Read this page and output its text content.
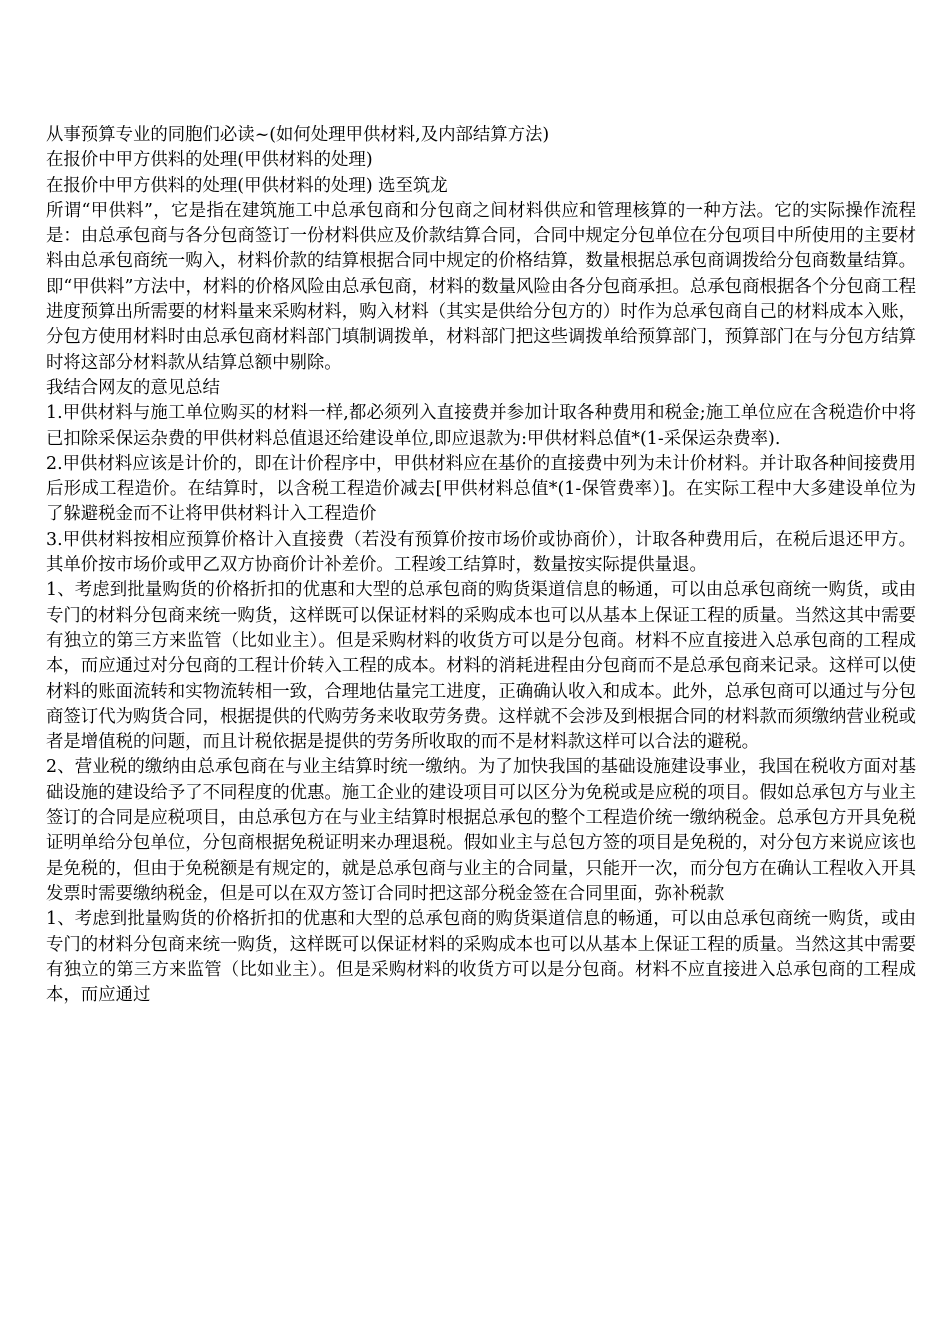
从事预算专业的同胞们必读~(如何处理甲供材料,及内部结算方法)

在报价中甲方供料的处理(甲供材料的处理)

在报价中甲方供料的处理(甲供材料的处理) 选至筑龙

所谓“甲供料”，它是指在建筑施工中总承包商和分包商之间材料供应和管理核算的一种方法。它的实际操作流程是：由总承包商与各分包商签订一份材料供应及价款结算合同，合同中规定分包单位在分包项目中所使用的主要材料由总承包商统一购入，材料价款的结算根据合同中规定的价格结算，数量根据总承包商调拨给分包商数量结算。即“甲供料”方法中，材料的价格风险由总承包商，材料的数量风险由各分包商承担。总承包商根据各个分包商工程进度预算出所需要的材料量来采购材料，购入材料（其实是供给分包方的）时作为总承包商自己的材料成本入账，分包方使用材料时由总承包商材料部门填制调拨单，材料部门把这些调拨单给预算部门，预算部门在与分包方结算时将这部分材料款从结算总额中剔除。

我结合网友的意见总结

1.甲供材料与施工单位购买的材料一样,都必须列入直接费并参加计取各种费用和税金;施工单位应在含税造价中将已扣除采保运杂费的甲供材料总值退还给建设单位,即应退款为:甲供材料总值*(1-采保运杂费率).

2.甲供材料应该是计价的，即在计价程序中，甲供材料应在基价的直接费中列为未计价材料。并计取各种间接费用后形成工程造价。在结算时，以含税工程造价减去[甲供材料总值*(1-保管费率）]。在实际工程中大多建设单位为了躲避税金而不让将甲供材料计入工程造价

3.甲供材料按相应预算价格计入直接费（若没有预算价按市场价或协商价），计取各种费用后，在税后退还甲方。其单价按市场价或甲乙双方协商价计补差价。工程竣工结算时，数量按实际提供量退。

1、考虑到批量购货的价格折扣的优惠和大型的总承包商的购货渠道信息的畅通，可以由总承包商统一购货，或由专门的材料分包商来统一购货，这样既可以保证材料的采购成本也可以从基本上保证工程的质量。当然这其中需要有独立的第三方来监管（比如业主）。但是采购材料的收货方可以是分包商。材料不应直接进入总承包商的工程成本，而应通过对分包商的工程计价转入工程的成本。材料的消耗进程由分包商而不是总承包商来记录。这样可以使材料的账面流转和实物流转相一致，合理地估量完工进度，正确确认收入和成本。此外，总承包商可以通过与分包商签订代为购货合同，根据提供的代购劳务来收取劳务费。这样就不会涉及到根据合同的材料款而须缴纳营业税或者是增值税的问题，而且计税依据是提供的劳务所收取的而不是材料款这样可以合法的避税。

2、营业税的缴纳由总承包商在与业主结算时统一缴纳。为了加快我国的基础设施建设事业，我国在税收方面对基础设施的建设给予了不同程度的优惠。施工企业的建设项目可以区分为免税或是应税的项目。假如总承包方与业主签订的合同是应税项目，由总承包方在与业主结算时根据总承包的整个工程造价统一缴纳税金。总承包方开具免税证明单给分包单位，分包商根据免税证明来办理退税。假如业主与总包方签的项目是免税的，对分包方来说应该也是免税的，但由于免税额是有规定的，就是总承包商与业主的合同量，只能开一次，而分包方在确认工程收入开具发票时需要缴纳税金，但是可以在双方签订合同时把这部分税金签在合同里面，弥补税款

1、考虑到批量购货的价格折扣的优惠和大型的总承包商的购货渠道信息的畅通，可以由总承包商统一购货，或由专门的材料分包商来统一购货，这样既可以保证材料的采购成本也可以从基本上保证工程的质量。当然这其中需要有独立的第三方来监管（比如业主）。但是采购材料的收货方可以是分包商。材料不应直接进入总承包商的工程成本，而应通过
